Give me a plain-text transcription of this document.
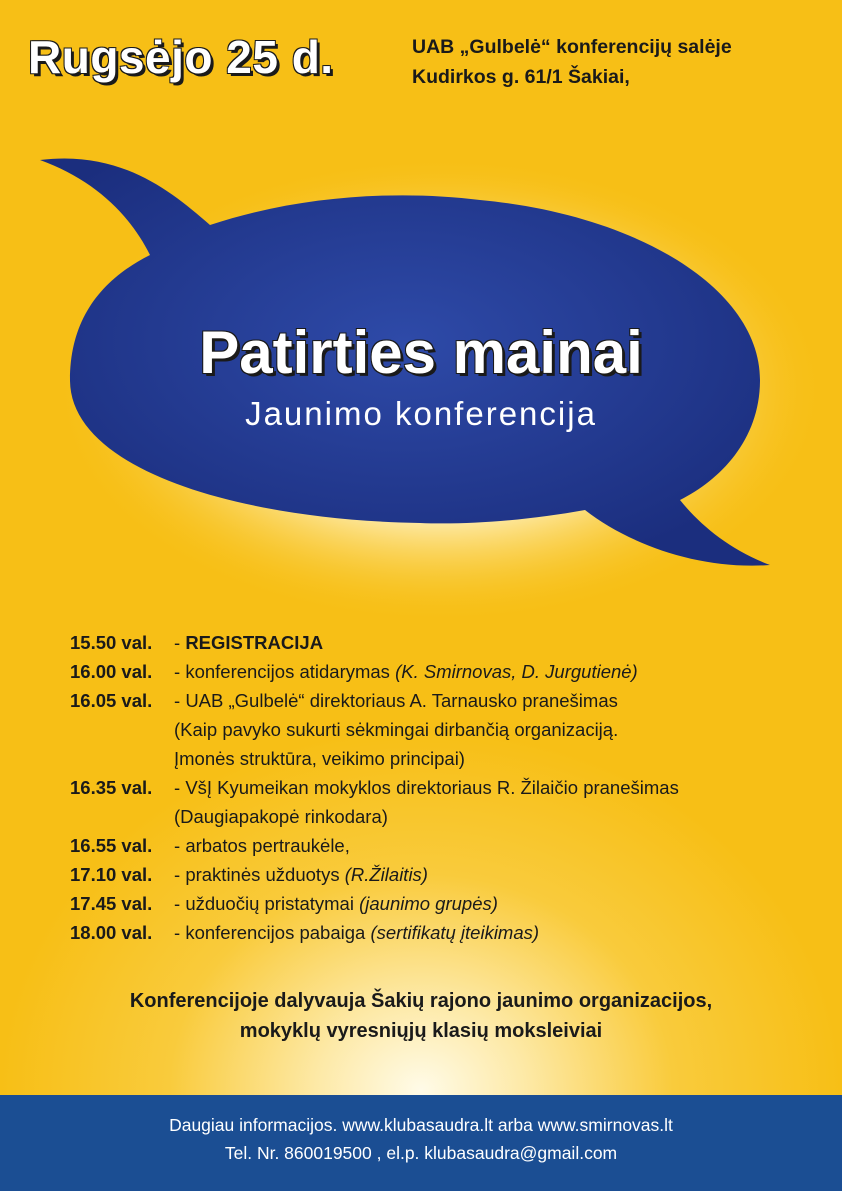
Rugsėjo 25 d.	UAB „Gulbelė“ konferencijų salėje
Kudirkos g. 61/1 Šakiai,
Patirties mainai
Jaunimo konferencija
15.50 val.	- REGISTRACIJA
16.00 val.	- konferencijos atidarymas (K. Smirnovas, D. Jurgutienė)
16.05 val.	- UAB „Gulbelė“ direktoriaus A. Tarnausko pranešimas
(Kaip pavyko sukurti sėkmingai dirbančią organizaciją.
Įmonės struktūra, veikimo principai)
16.35 val.	- VšĮ Kyumeikan mokyklos direktoriaus R. Žilaičio pranešimas
(Daugiapakopė rinkodara)
16.55 val.	- arbatos pertraukėle,
17.10 val.	- praktinės užduotys (R.Žilaitis)
17.45 val.	- užduočių pristatymai (jaunimo grupės)
18.00 val.	- konferencijos pabaiga (sertifikatų įteikimas)
Konferencijoje dalyvauja Šakių rajono jaunimo organizacijos,
mokyklų vyresniųjų klasių moksleiviai
Daugiau informacijos. www.klubasaudra.lt arba www.smirnovas.lt
Tel. Nr. 860019500 , el.p. klubasaudra@gmail.com
